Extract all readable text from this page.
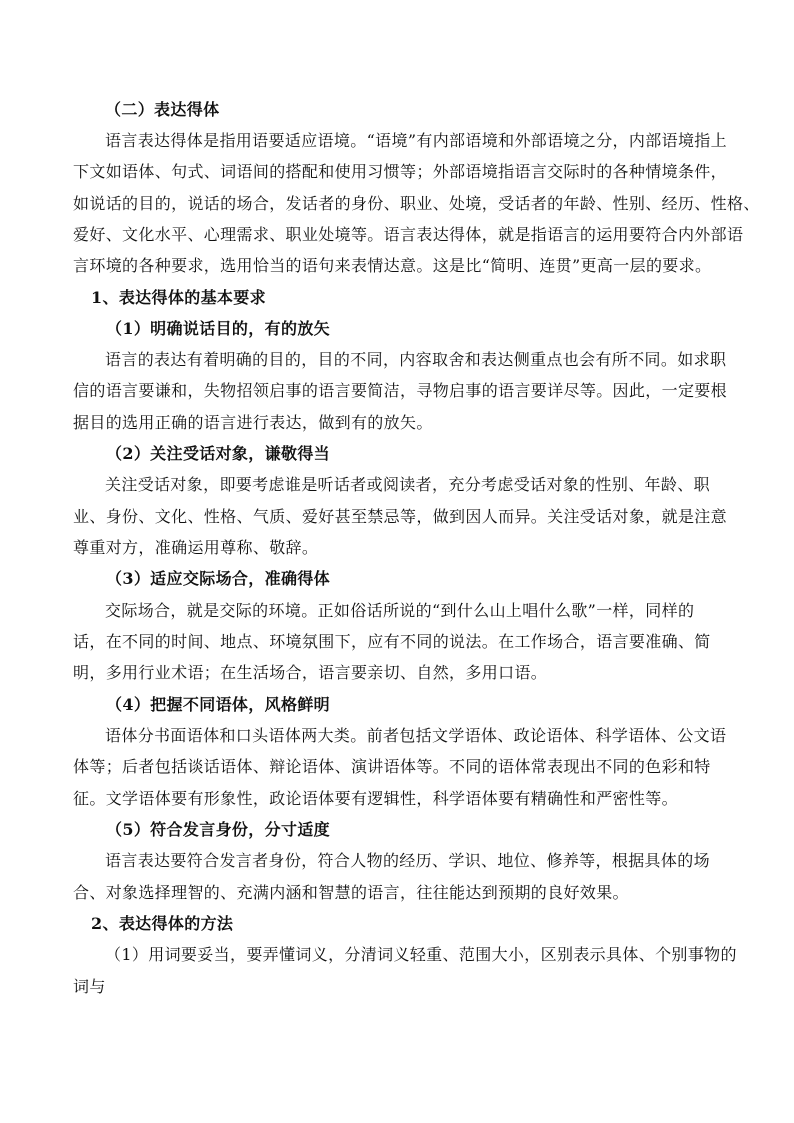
（二）表达得体
语言表达得体是指用语要适应语境。“语境”有内部语境和外部语境之分，内部语境指上
下文如语体、句式、词语间的搭配和使用习惯等；外部语境指语言交际时的各种情境条件，
如说话的目的，说话的场合，发话者的身份、职业、处境，受话者的年龄、性别、经历、性格、
爱好、文化水平、心理需求、职业处境等。语言表达得体，就是指语言的运用要符合内外部语
言环境的各种要求，选用恰当的语句来表情达意。这是比“简明、连贯”更高一层的要求。
1、表达得体的基本要求
（1）明确说话目的，有的放矢
语言的表达有着明确的目的，目的不同，内容取舍和表达侧重点也会有所不同。如求职
信的语言要谦和，失物招领启事的语言要简洁，寻物启事的语言要详尽等。因此，一定要根
据目的选用正确的语言进行表达，做到有的放矢。
（2）关注受话对象，谦敬得当
关注受话对象，即要考虑谁是听话者或阅读者，充分考虑受话对象的性别、年龄、职
业、身份、文化、性格、气质、爱好甚至禁忌等，做到因人而异。关注受话对象，就是注意
尊重对方，准确运用尊称、敬辞。
（3）适应交际场合，准确得体
交际场合，就是交际的环境。正如俗话所说的“到什么山上唱什么歌”一样，同样的
话，在不同的时间、地点、环境氛围下，应有不同的说法。在工作场合，语言要准确、简
明，多用行业术语；在生活场合，语言要亲切、自然，多用口语。
（4）把握不同语体，风格鲜明
语体分书面语体和口头语体两大类。前者包括文学语体、政论语体、科学语体、公文语
体等；后者包括谈话语体、辩论语体、演讲语体等。不同的语体常表现出不同的色彩和特
征。文学语体要有形象性，政论语体要有逻辑性，科学语体要有精确性和严密性等。
（5）符合发言身份，分寸适度
语言表达要符合发言者身份，符合人物的经历、学识、地位、修养等，根据具体的场
合、对象选择理智的、充满内涵和智慧的语言，往往能达到预期的良好效果。
2、表达得体的方法
（1）用词要妥当，要弄懂词义，分清词义轻重、范围大小，区别表示具体、个别事物的
词与
